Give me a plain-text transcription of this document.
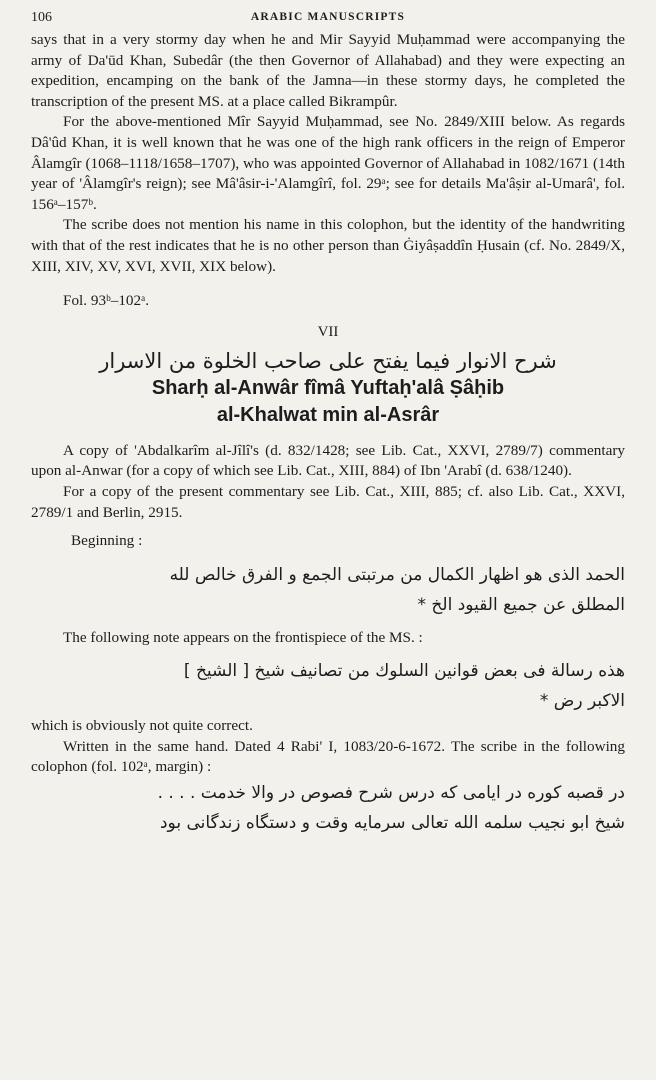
106	ARABIC MANUSCRIPTS

says that in a very stormy day when he and Mir Sayyid Muḥammad were accompanying the army of Da'ūd Khan, Subedâr (the then Governor of Allahabad) and they were expecting an expedition, encamping on the bank of the Jamna—in these stormy days, he completed the transcription of the present MS. at a place called Bikrampûr.

For the above-mentioned Mîr Sayyid Muḥammad, see No. 2849/XIII below. As regards Dâ'ûd Khan, it is well known that he was one of the high rank officers in the reign of Emperor Âlamgîr (1068–1118/1658–1707), who was appointed Governor of Allahabad in 1082/1671 (14th year of 'Âlamgîr's reign); see Mâ'âsir-i-'Alamgîrî, fol. 29ᵃ; see for details Ma'âṣir al-Umarâ', fol. 156ᵃ–157ᵇ.

The scribe does not mention his name in this colophon, but the identity of the handwriting with that of the rest indicates that he is no other person than Ġiyâṣaddîn Ḥusain (cf. No. 2849/X, XIII, XIV, XV, XVI, XVII, XIX below).

Fol. 93ᵇ–102ᵃ.

VII
شرح الانوار فيما يفتح على صاحب الخلوة من الاسرار
Sharḥ al-Anwâr fîmâ Yuftaḥ'alâ Ṣâḥib
al-Khalwat min al-Asrâr

A copy of 'Abdalkarîm al-Jîlî's (d. 832/1428; see Lib. Cat., XXVI, 2789/7) commentary upon al-Anwar (for a copy of which see Lib. Cat., XIII, 884) of Ibn 'Arabî (d. 638/1240).

For a copy of the present commentary see Lib. Cat., XIII, 885; cf. also Lib. Cat., XXVI, 2789/1 and Berlin, 2915.

Beginning :

الحمد الذى هو اظهار الكمال من مرتبتى الجمع و الفرق خالص لله

المطلق عن جميع القيود الخ *

The following note appears on the frontispiece of the MS. :

هذه رسالة فى بعض قوانين السلوك من تصانيف شيخ [ الشيخ ]

الاكبر رض *

which is obviously not quite correct.

Written in the same hand. Dated 4 Rabi' I, 1083/20-6-1672. The scribe in the following colophon (fol. 102ᵃ, margin) :

در قصبه كوره در ايامى كه درس شرح فصوص در والا خدمت . . . .

شيخ ابو نجيب سلمه الله تعالى سرمايه وقت و دستگاه زندگانى بود
